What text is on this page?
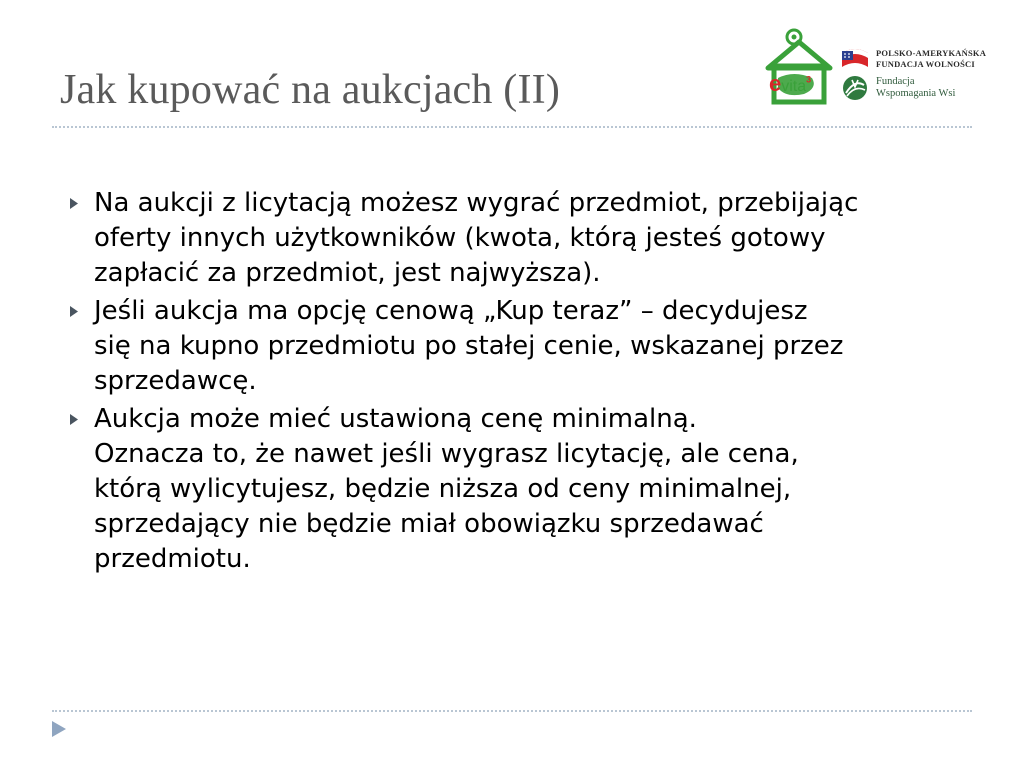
Jak kupować na aukcjach (II)	evita$^3$
POLSKO-AMERYKAŃSKA
FUNDACJA WOLNOŚCI
Fundacja
Wspomagania Wsi
Na aukcji z licytacją możesz wygrać przedmiot, przebijając
oferty innych użytkowników (kwota, którą jesteś gotowy
zapłacić za przedmiot, jest najwyższa).
Jeśli aukcja ma opcję cenową „Kup teraz” – decydujesz
się na kupno przedmiotu po stałej cenie, wskazanej przez
sprzedawcę.
Aukcja może mieć ustawioną cenę minimalną.
Oznacza to, że nawet jeśli wygrasz licytację, ale cena,
którą wylicytujesz, będzie niższa od ceny minimalnej,
sprzedający nie będzie miał obowiązku sprzedawać
przedmiotu.
